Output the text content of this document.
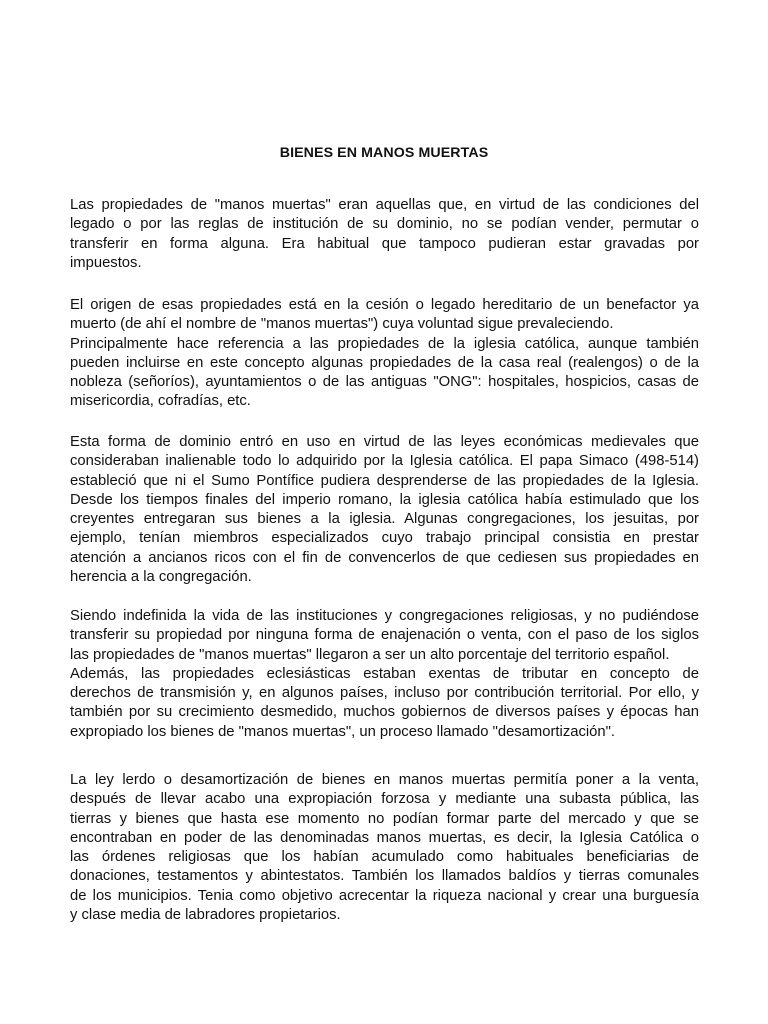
BIENES EN MANOS MUERTAS
Las propiedades de "manos muertas" eran aquellas que, en virtud de las condiciones del
legado o por las reglas de institución de su dominio, no se podían vender, permutar o
transferir en forma alguna. Era habitual que tampoco pudieran estar gravadas por
impuestos.
El origen de esas propiedades está en la cesión o legado hereditario de un benefactor ya
muerto (de ahí el nombre de "manos muertas") cuya voluntad sigue prevaleciendo.
Principalmente hace referencia a las propiedades de la iglesia católica, aunque también
pueden incluirse en este concepto algunas propiedades de la casa real (realengos) o de la
nobleza (señoríos), ayuntamientos o de las antiguas "ONG": hospitales, hospicios, casas de
misericordia, cofradías, etc.
Esta forma de dominio entró en uso en virtud de las leyes económicas medievales que
consideraban inalienable todo lo adquirido por la Iglesia católica. El papa Simaco (498-514)
estableció que ni el Sumo Pontífice pudiera desprenderse de las propiedades de la Iglesia.
Desde los tiempos finales del imperio romano, la iglesia católica había estimulado que los
creyentes entregaran sus bienes a la iglesia. Algunas congregaciones, los jesuitas, por
ejemplo, tenían miembros especializados cuyo trabajo principal consistia en prestar
atención a ancianos ricos con el fin de convencerlos de que cediesen sus propiedades en
herencia a la congregación.
Siendo indefinida la vida de las instituciones y congregaciones religiosas, y no pudiéndose
transferir su propiedad por ninguna forma de enajenación o venta, con el paso de los siglos
las propiedades de "manos muertas" llegaron a ser un alto porcentaje del territorio español.
Además, las propiedades eclesiásticas estaban exentas de tributar en concepto de
derechos de transmisión y, en algunos países, incluso por contribución territorial. Por ello, y
también por su crecimiento desmedido, muchos gobiernos de diversos países y épocas han
expropiado los bienes de "manos muertas", un proceso llamado "desamortización".
La ley lerdo o desamortización de bienes en manos muertas permitía poner a la venta,
después de llevar acabo una expropiación forzosa y mediante una subasta pública, las
tierras y bienes que hasta ese momento no podían formar parte del mercado y que se
encontraban en poder de las denominadas manos muertas, es decir, la Iglesia Católica o
las órdenes religiosas que los habían acumulado como habituales beneficiarias de
donaciones, testamentos y abintestatos. También los llamados baldíos y tierras comunales
de los municipios. Tenia como objetivo acrecentar la riqueza nacional y crear una burguesía
y clase media de labradores propietarios.
